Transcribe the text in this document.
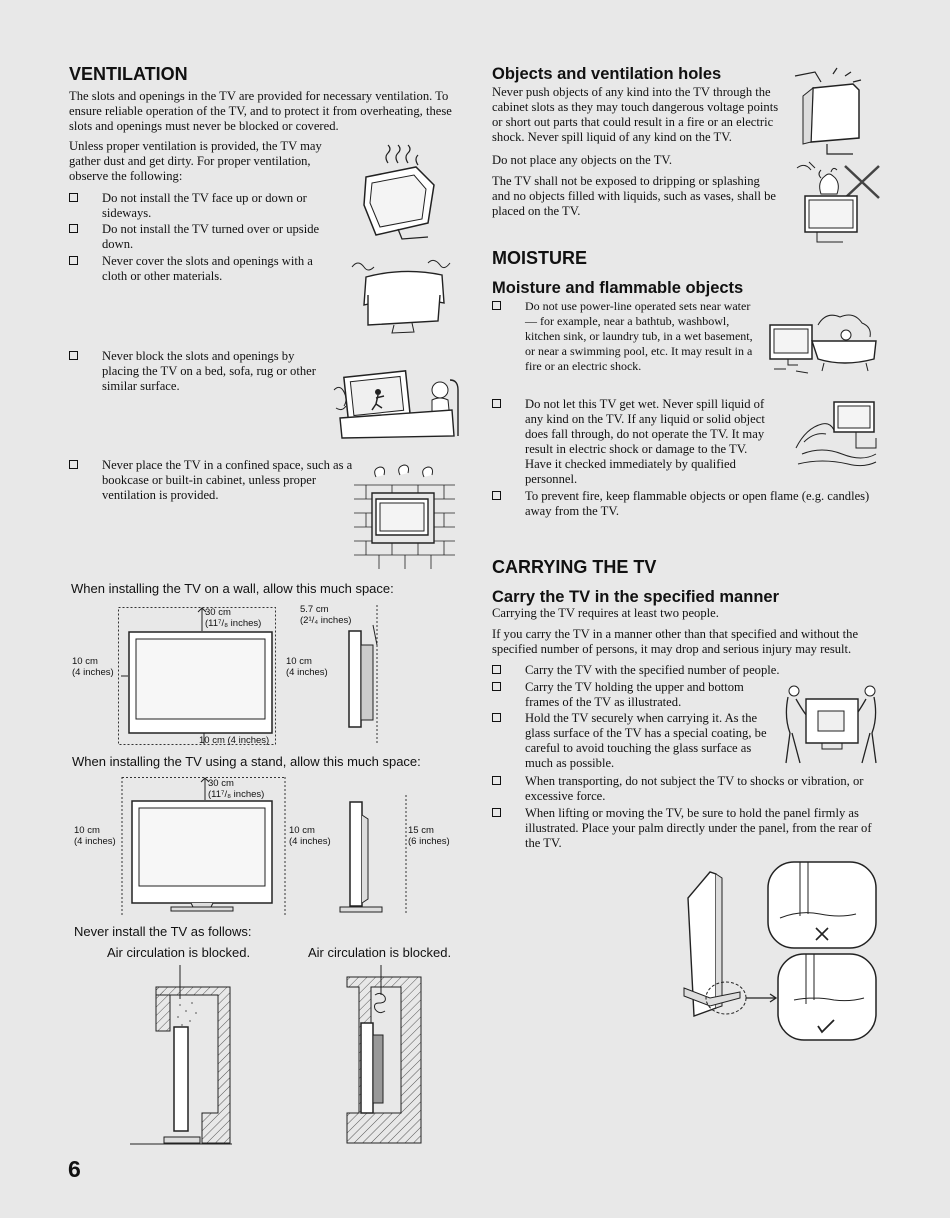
VENTILATION
The slots and openings in the TV are provided for necessary ventilation. To ensure reliable operation of the TV, and to protect it from overheating, these slots and openings must never be blocked or covered.
Unless proper ventilation is provided, the TV may gather dust and get dirty. For proper ventilation, observe the following:
Do not install the TV face up or down or sideways.
Do not install the TV turned over or upside down.
Never cover the slots and openings with a cloth or other materials.
Never block the slots and openings by placing the TV on a bed, sofa, rug or other similar surface.
Never place the TV in a confined space, such as a bookcase or built-in cabinet, unless proper ventilation is provided.
When installing the TV on a wall, allow this much space:
30 cm
(11⁷/₈ inches)
10 cm
(4 inches)
10 cm
(4 inches)
10 cm (4 inches)
5.7 cm
(2¹/₄ inches)
When installing the TV using a stand, allow this much space:
30 cm
(11⁷/₈ inches)
10 cm
(4 inches)
10 cm
(4 inches)
15 cm
(6 inches)
Never install the TV as follows:
Air circulation is blocked.	Air circulation is blocked.
6
Objects and ventilation holes
Never push objects of any kind into the TV through the cabinet slots as they may touch dangerous voltage points or short out parts that could result in a fire or an electric shock. Never spill liquid of any kind on the TV.
Do not place any objects on the TV.
The TV shall not be exposed to dripping or splashing and no objects filled with liquids, such as vases, shall be placed on the TV.
MOISTURE
Moisture and flammable objects
Do not use power-line operated sets near water — for example, near a bathtub, washbowl, kitchen sink, or laundry tub, in a wet basement, or near a swimming pool, etc. It may result in a fire or an electric shock.
Do not let this TV get wet. Never spill liquid of any kind on the TV. If any liquid or solid object does fall through, do not operate the TV. It may result in electric shock or damage to the TV. Have it checked immediately by qualified personnel.
To prevent fire, keep flammable objects or open flame (e.g. candles) away from the TV.
CARRYING THE TV
Carry the TV in the specified manner
Carrying the TV requires at least two people.
If you carry the TV in a manner other than that specified and without the specified number of persons, it may drop and serious injury may result.
Carry the TV with the specified number of people.
Carry the TV holding the upper and bottom frames of the TV as illustrated.
Hold the TV securely when carrying it. As the glass surface of the TV has a special coating, be careful to avoid touching the glass surface as much as possible.
When transporting, do not subject the TV to shocks or vibration, or excessive force.
When lifting or moving the TV, be sure to hold the panel firmly as illustrated. Place your palm directly under the panel, from the rear of the TV.
